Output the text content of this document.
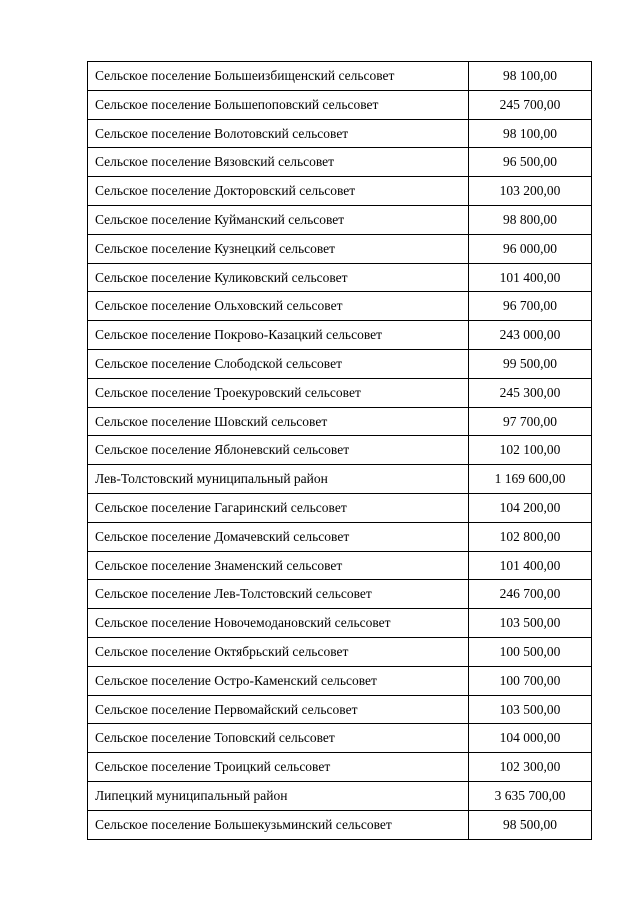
Сельское поселение Большеизбищенский сельсовет	98 100,00
Сельское поселение Большепоповский сельсовет	245 700,00
Сельское поселение Волотовский сельсовет	98 100,00
Сельское поселение Вязовский сельсовет	96 500,00
Сельское поселение Докторовский сельсовет	103 200,00
Сельское поселение Куйманский сельсовет	98 800,00
Сельское поселение Кузнецкий сельсовет	96 000,00
Сельское поселение Куликовский сельсовет	101 400,00
Сельское поселение Ольховский сельсовет	96 700,00
Сельское поселение Покрово-Казацкий сельсовет	243 000,00
Сельское поселение Слободской сельсовет	99 500,00
Сельское поселение Троекуровский сельсовет	245 300,00
Сельское поселение Шовский сельсовет	97 700,00
Сельское поселение Яблоневский сельсовет	102 100,00
Лев-Толстовский муниципальный район	1 169 600,00
Сельское поселение Гагаринский сельсовет	104 200,00
Сельское поселение Домачевский сельсовет	102 800,00
Сельское поселение Знаменский сельсовет	101 400,00
Сельское поселение Лев-Толстовский сельсовет	246 700,00
Сельское поселение Новочемодановский сельсовет	103 500,00
Сельское поселение Октябрьский сельсовет	100 500,00
Сельское поселение Остро-Каменский сельсовет	100 700,00
Сельское поселение Первомайский сельсовет	103 500,00
Сельское поселение Топовский сельсовет	104 000,00
Сельское поселение Троицкий сельсовет	102 300,00
Липецкий муниципальный район	3 635 700,00
Сельское поселение Большекузьминский сельсовет	98 500,00
